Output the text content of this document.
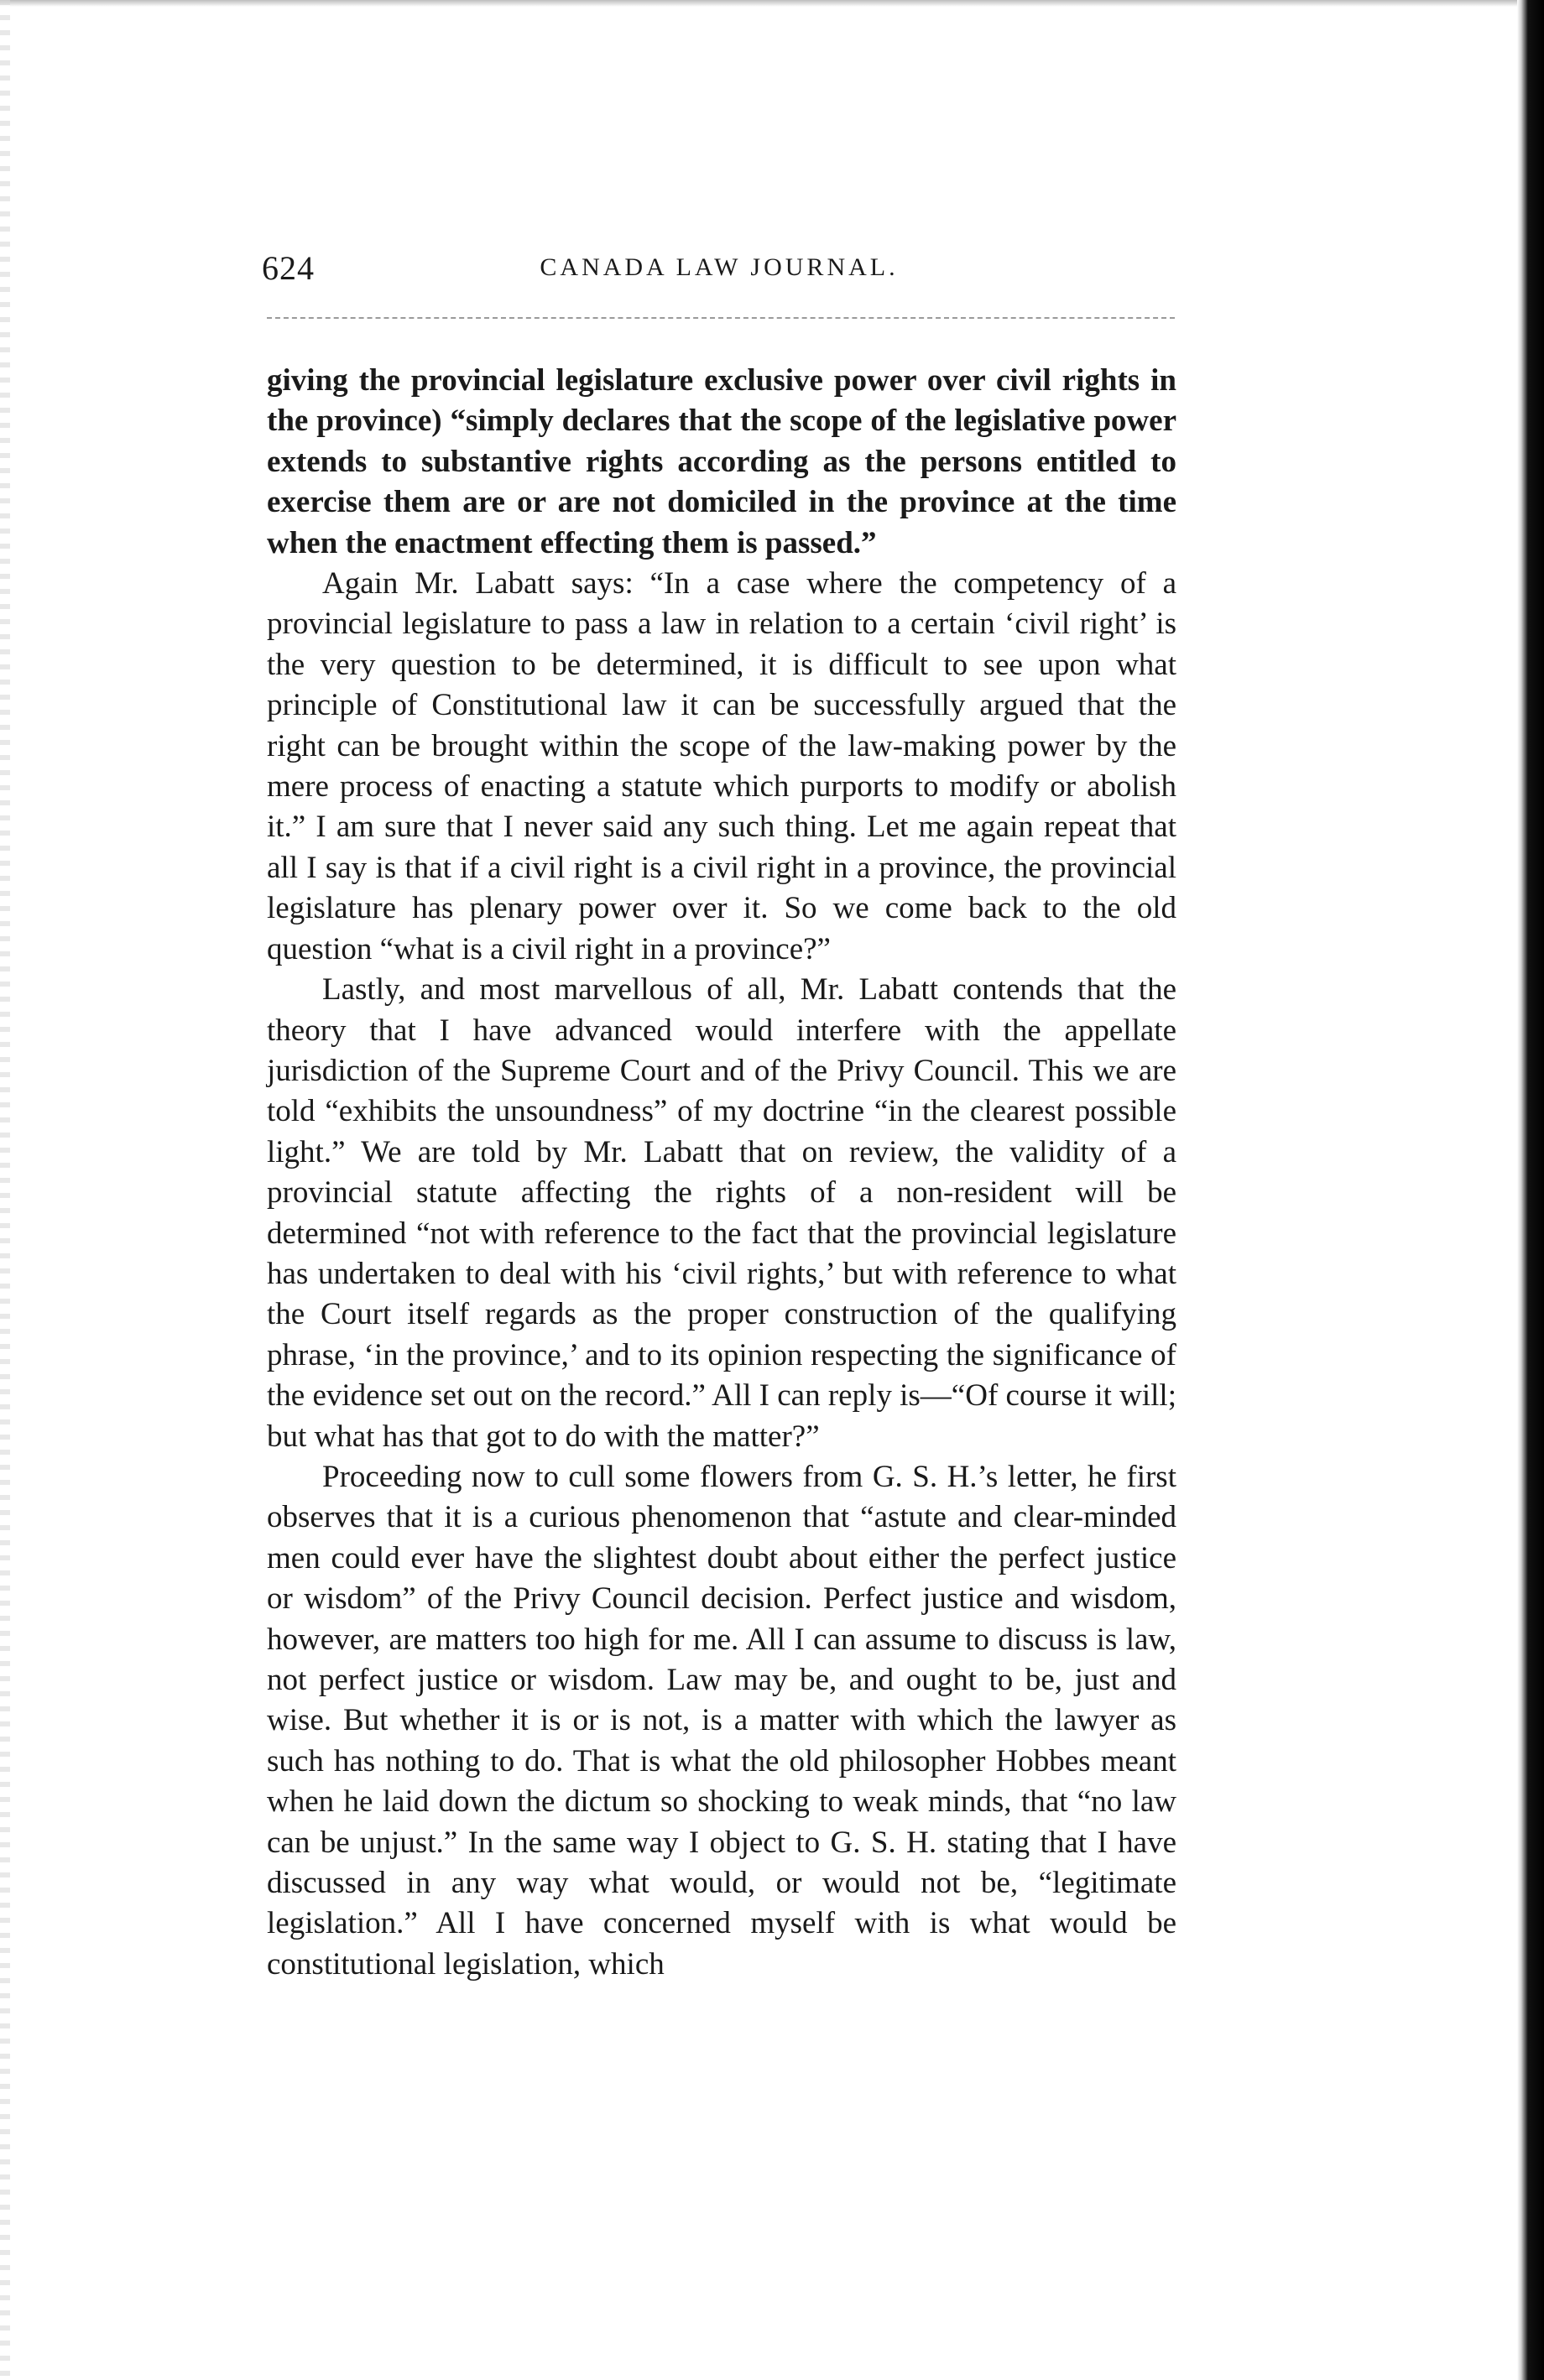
624	CANADA LAW JOURNAL.

giving the provincial legislature exclusive power over civil rights in the province) “simply declares that the scope of the legislative power extends to substantive rights according as the persons entitled to exercise them are or are not domiciled in the province at the time when the enactment effecting them is passed.”

Again Mr. Labatt says: “In a case where the competency of a provincial legislature to pass a law in relation to a certain ‘civil right’ is the very question to be determined, it is difficult to see upon what principle of Constitutional law it can be successfully argued that the right can be brought within the scope of the law-making power by the mere process of enacting a statute which purports to modify or abolish it.” I am sure that I never said any such thing. Let me again repeat that all I say is that if a civil right is a civil right in a province, the provincial legislature has plenary power over it. So we come back to the old question “what is a civil right in a province?”

Lastly, and most marvellous of all, Mr. Labatt contends that the theory that I have advanced would interfere with the appellate jurisdiction of the Supreme Court and of the Privy Council. This we are told “exhibits the unsoundness” of my doctrine “in the clearest possible light.” We are told by Mr. Labatt that on review, the validity of a provincial statute affecting the rights of a non-resident will be determined “not with reference to the fact that the provincial legislature has undertaken to deal with his ‘civil rights,’ but with reference to what the Court itself regards as the proper construction of the qualifying phrase, ‘in the province,’ and to its opinion respecting the significance of the evidence set out on the record.” All I can reply is—“Of course it will; but what has that got to do with the matter?”

Proceeding now to cull some flowers from G. S. H.’s letter, he first observes that it is a curious phenomenon that “astute and clear-minded men could ever have the slightest doubt about either the perfect justice or wisdom” of the Privy Council decision. Perfect justice and wisdom, however, are matters too high for me. All I can assume to discuss is law, not perfect justice or wisdom. Law may be, and ought to be, just and wise. But whether it is or is not, is a matter with which the lawyer as such has nothing to do. That is what the old philosopher Hobbes meant when he laid down the dictum so shocking to weak minds, that “no law can be unjust.” In the same way I object to G. S. H. stating that I have discussed in any way what would, or would not be, “legitimate legislation.” All I have concerned myself with is what would be constitutional legislation, which
